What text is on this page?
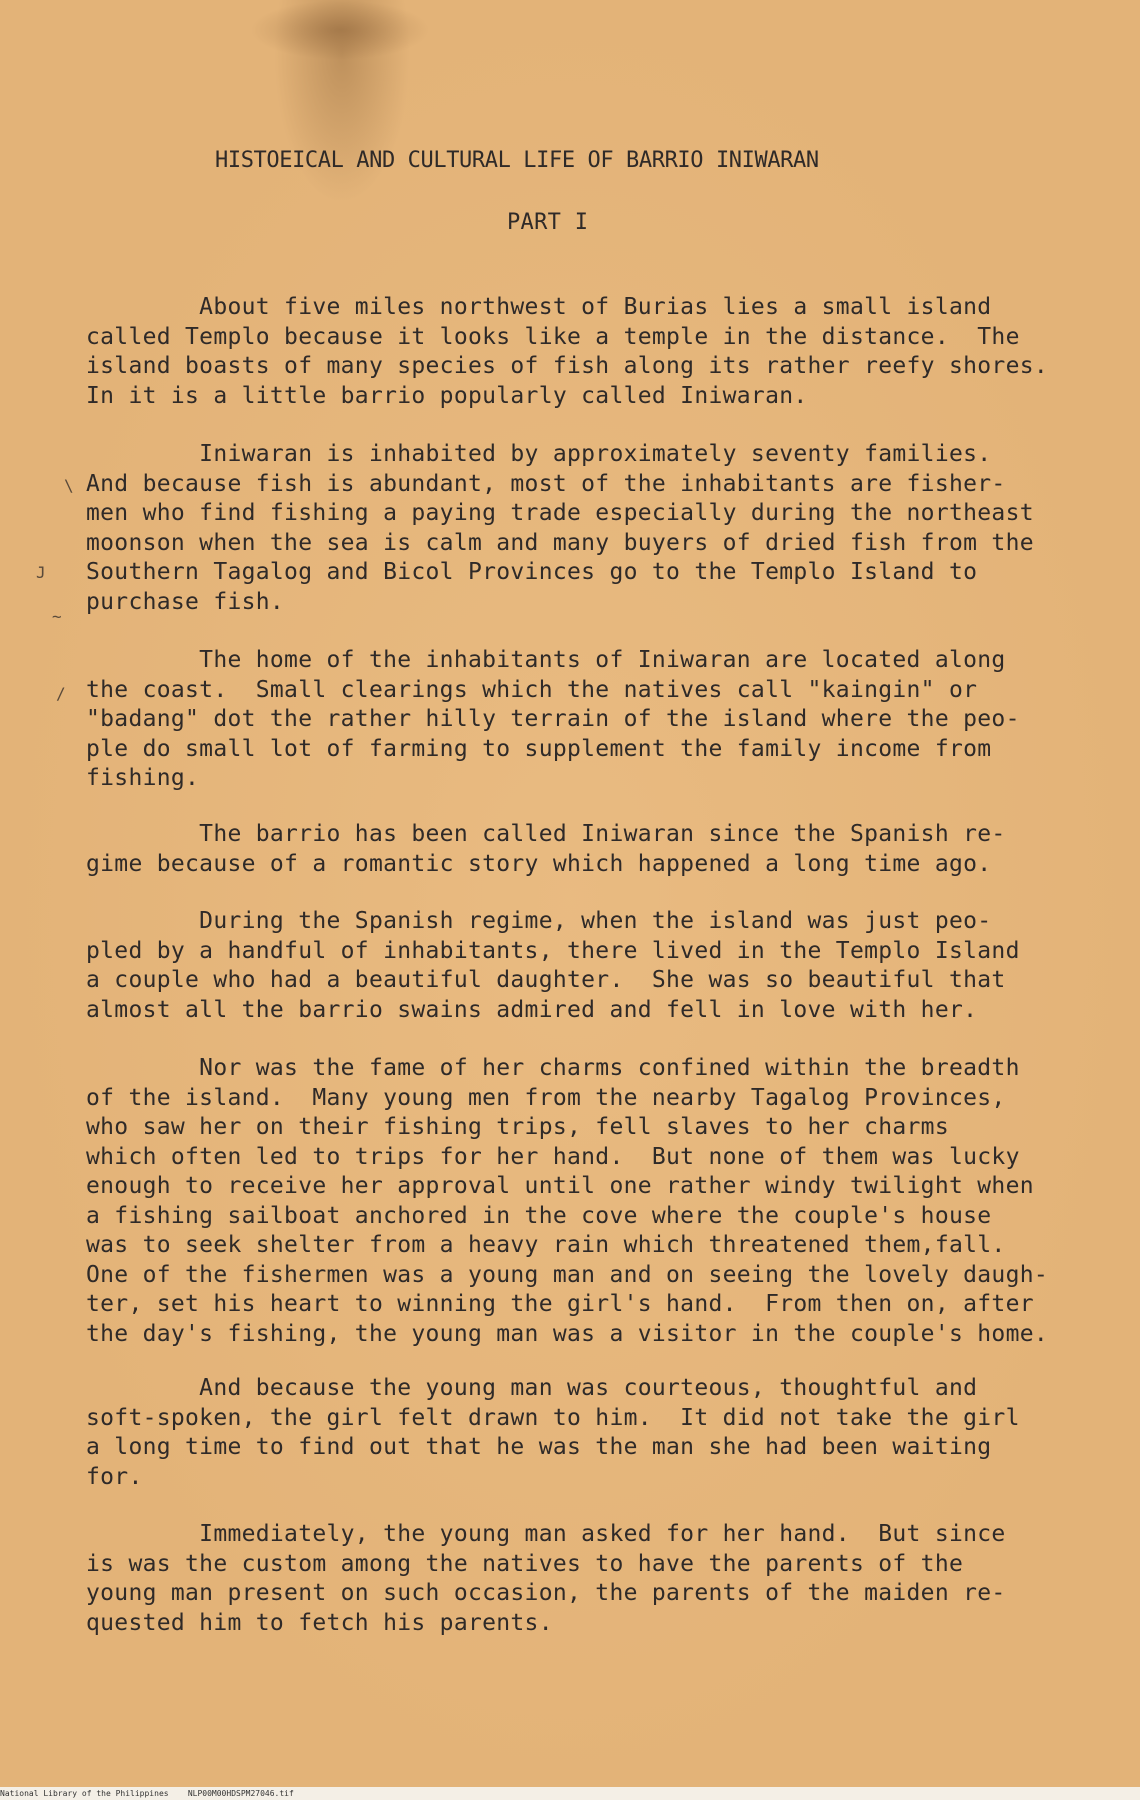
HISTOEICAL AND CULTURAL LIFE OF BARRIO INIWARAN

PART I

About five miles northwest of Burias lies a small island
called Templo because it looks like a temple in the distance.  The
island boasts of many species of fish along its rather reefy shores.
In it is a little barrio popularly called Iniwaran.

Iniwaran is inhabited by approximately seventy families.
And because fish is abundant, most of the inhabitants are fisher-
men who find fishing a paying trade especially during the northeast
moonson when the sea is calm and many buyers of dried fish from the
Southern Tagalog and Bicol Provinces go to the Templo Island to
purchase fish.

The home of the inhabitants of Iniwaran are located along
the coast.  Small clearings which the natives call "kaingin" or
"badang" dot the rather hilly terrain of the island where the peo-
ple do small lot of farming to supplement the family income from
fishing.

The barrio has been called Iniwaran since the Spanish re-
gime because of a romantic story which happened a long time ago.

During the Spanish regime, when the island was just peo-
pled by a handful of inhabitants, there lived in the Templo Island
a couple who had a beautiful daughter.  She was so beautiful that
almost all the barrio swains admired and fell in love with her.

Nor was the fame of her charms confined within the breadth
of the island.  Many young men from the nearby Tagalog Provinces,
who saw her on their fishing trips, fell slaves to her charms
which often led to trips for her hand.  But none of them was lucky
enough to receive her approval until one rather windy twilight when
a fishing sailboat anchored in the cove where the couple's house
was to seek shelter from a heavy rain which threatened them,fall.
One of the fishermen was a young man and on seeing the lovely daugh-
ter, set his heart to winning the girl's hand.  From then on, after
the day's fishing, the young man was a visitor in the couple's home.

And because the young man was courteous, thoughtful and
soft-spoken, the girl felt drawn to him.  It did not take the girl
a long time to find out that he was the man she had been waiting
for.

Immediately, the young man asked for her hand.  But since
is was the custom among the natives to have the parents of the
young man present on such occasion, the parents of the maiden re-
quested him to fetch his parents.

\
J
~
/
National Library of the Philippines NLP00M00HDSPM27046.tif
